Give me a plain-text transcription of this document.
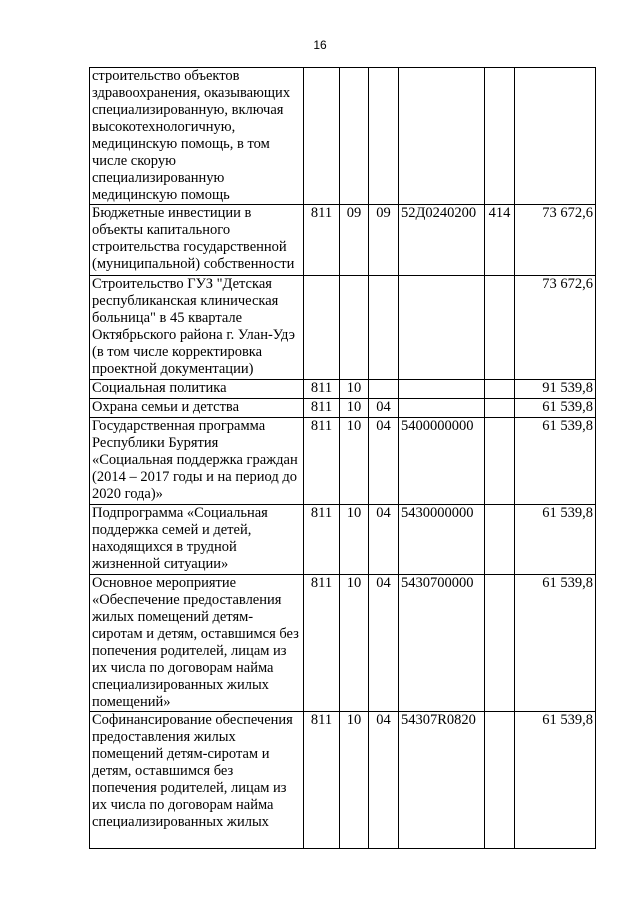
16
строительство объектов здравоохранения, оказывающих специализированную, включая высокотехнологичную, медицинскую помощь, в том числе скорую специализированную медицинскую помощь						
Бюджетные инвестиции в объекты капитального строительства государственной (муниципальной) собственности	811	09	09	52Д0240200	414	73 672,6
Строительство ГУЗ "Детская республиканская клиническая больница" в 45 квартале Октябрьского района г. Улан-Удэ (в том числе корректировка проектной документации)						73 672,6
Социальная политика	811	10				91 539,8
Охрана семьи и детства	811	10	04			61 539,8
Государственная программа Республики Бурятия «Социальная поддержка граждан (2014 – 2017 годы и на период до 2020 года)»	811	10	04	5400000000		61 539,8
Подпрограмма «Социальная поддержка семей и детей, находящихся в трудной жизненной ситуации»	811	10	04	5430000000		61 539,8
Основное мероприятие «Обеспечение предоставления жилых помещений детям-сиротам и детям, оставшимся без попечения родителей, лицам из их числа по договорам найма специализированных жилых помещений»	811	10	04	5430700000		61 539,8
Софинансирование обеспечения предоставления жилых помещений детям-сиротам и детям, оставшимся без попечения родителей, лицам из их числа по договорам найма специализированных жилых	811	10	04	54307R0820		61 539,8
